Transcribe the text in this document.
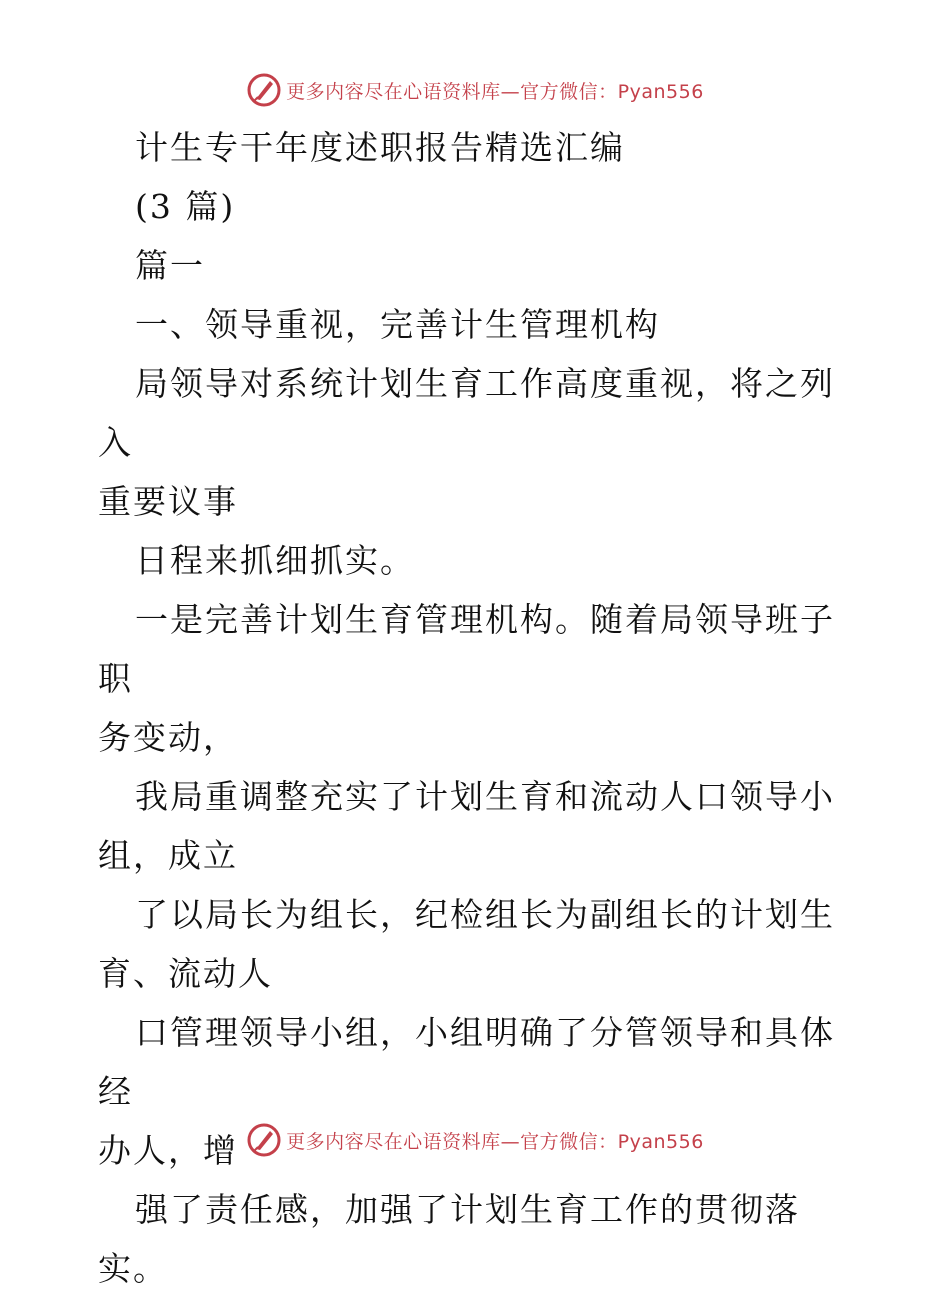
更多内容尽在心语资料库—官方微信：Pyan556

计生专干年度述职报告精选汇编

(3 篇)

篇一

一、领导重视，完善计生管理机构

局领导对系统计划生育工作高度重视，将之列入

重要议事

日程来抓细抓实。

一是完善计划生育管理机构。随着局领导班子职

务变动，

我局重调整充实了计划生育和流动人口领导小

组，成立

了以局长为组长，纪检组长为副组长的计划生

育、流动人

口管理领导小组，小组明确了分管领导和具体经

办人，增

强了责任感，加强了计划生育工作的贯彻落实。

更多内容尽在心语资料库—官方微信：Pyan556
